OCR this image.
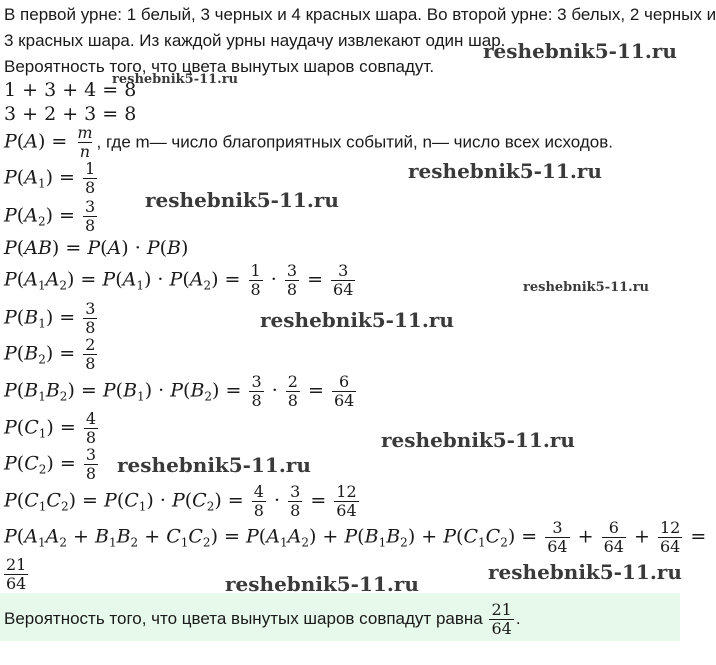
В первой урне: 1 белый, 3 черных и 4 красных шара. Во второй урне: 3 белых, 2 черных и
3 красных шара. Из каждой урны наудачу извлекают один шар.
Вероятность того, что цвета вынутых шаров совпадут.
1 + 3 + 4 = 8
3 + 2 + 3 = 8
$P(A) = \frac{m}{n}$ , где m— число благоприятных событий, n— число всех исходов.
$P(A_1) = \frac{1}{8}$
$P(A_2) = \frac{3}{8}$
P(AB) = P(A) · P(B)
$P(A_1A_2) = P(A_1) \cdot P(A_2) = \frac{1}{8} \cdot \frac{3}{8} = \frac{3}{64}$
$P(B_1) = \frac{3}{8}$
$P(B_2) = \frac{2}{8}$
$P(B_1B_2) = P(B_1) \cdot P(B_2) = \frac{3}{8} \cdot \frac{2}{8} = \frac{6}{64}$
$P(C_1) = \frac{4}{8}$
$P(C_2) = \frac{3}{8}$
$P(C_1C_2) = P(C_1) \cdot P(C_2) = \frac{4}{8} \cdot \frac{3}{8} = \frac{12}{64}$
$P(A_1A_2 + B_1B_2 + C_1C_2) = P(A_1A_2) + P(B_1B_2) + P(C_1C_2) = \frac{3}{64} + \frac{6}{64} + \frac{12}{64}$ =
$\frac{21}{64}$
Вероятность того, что цвета вынутых шаров совпадут равна $\frac{21}{64}$ .
reshebnik5-11.ru
reshebnik5-11.ru
reshebnik5-11.ru
reshebnik5-11.ru
reshebnik5-11.ru
reshebnik5-11.ru
reshebnik5-11.ru
reshebnik5-11.ru
reshebnik5-11.ru
reshebnik5-11.ru
